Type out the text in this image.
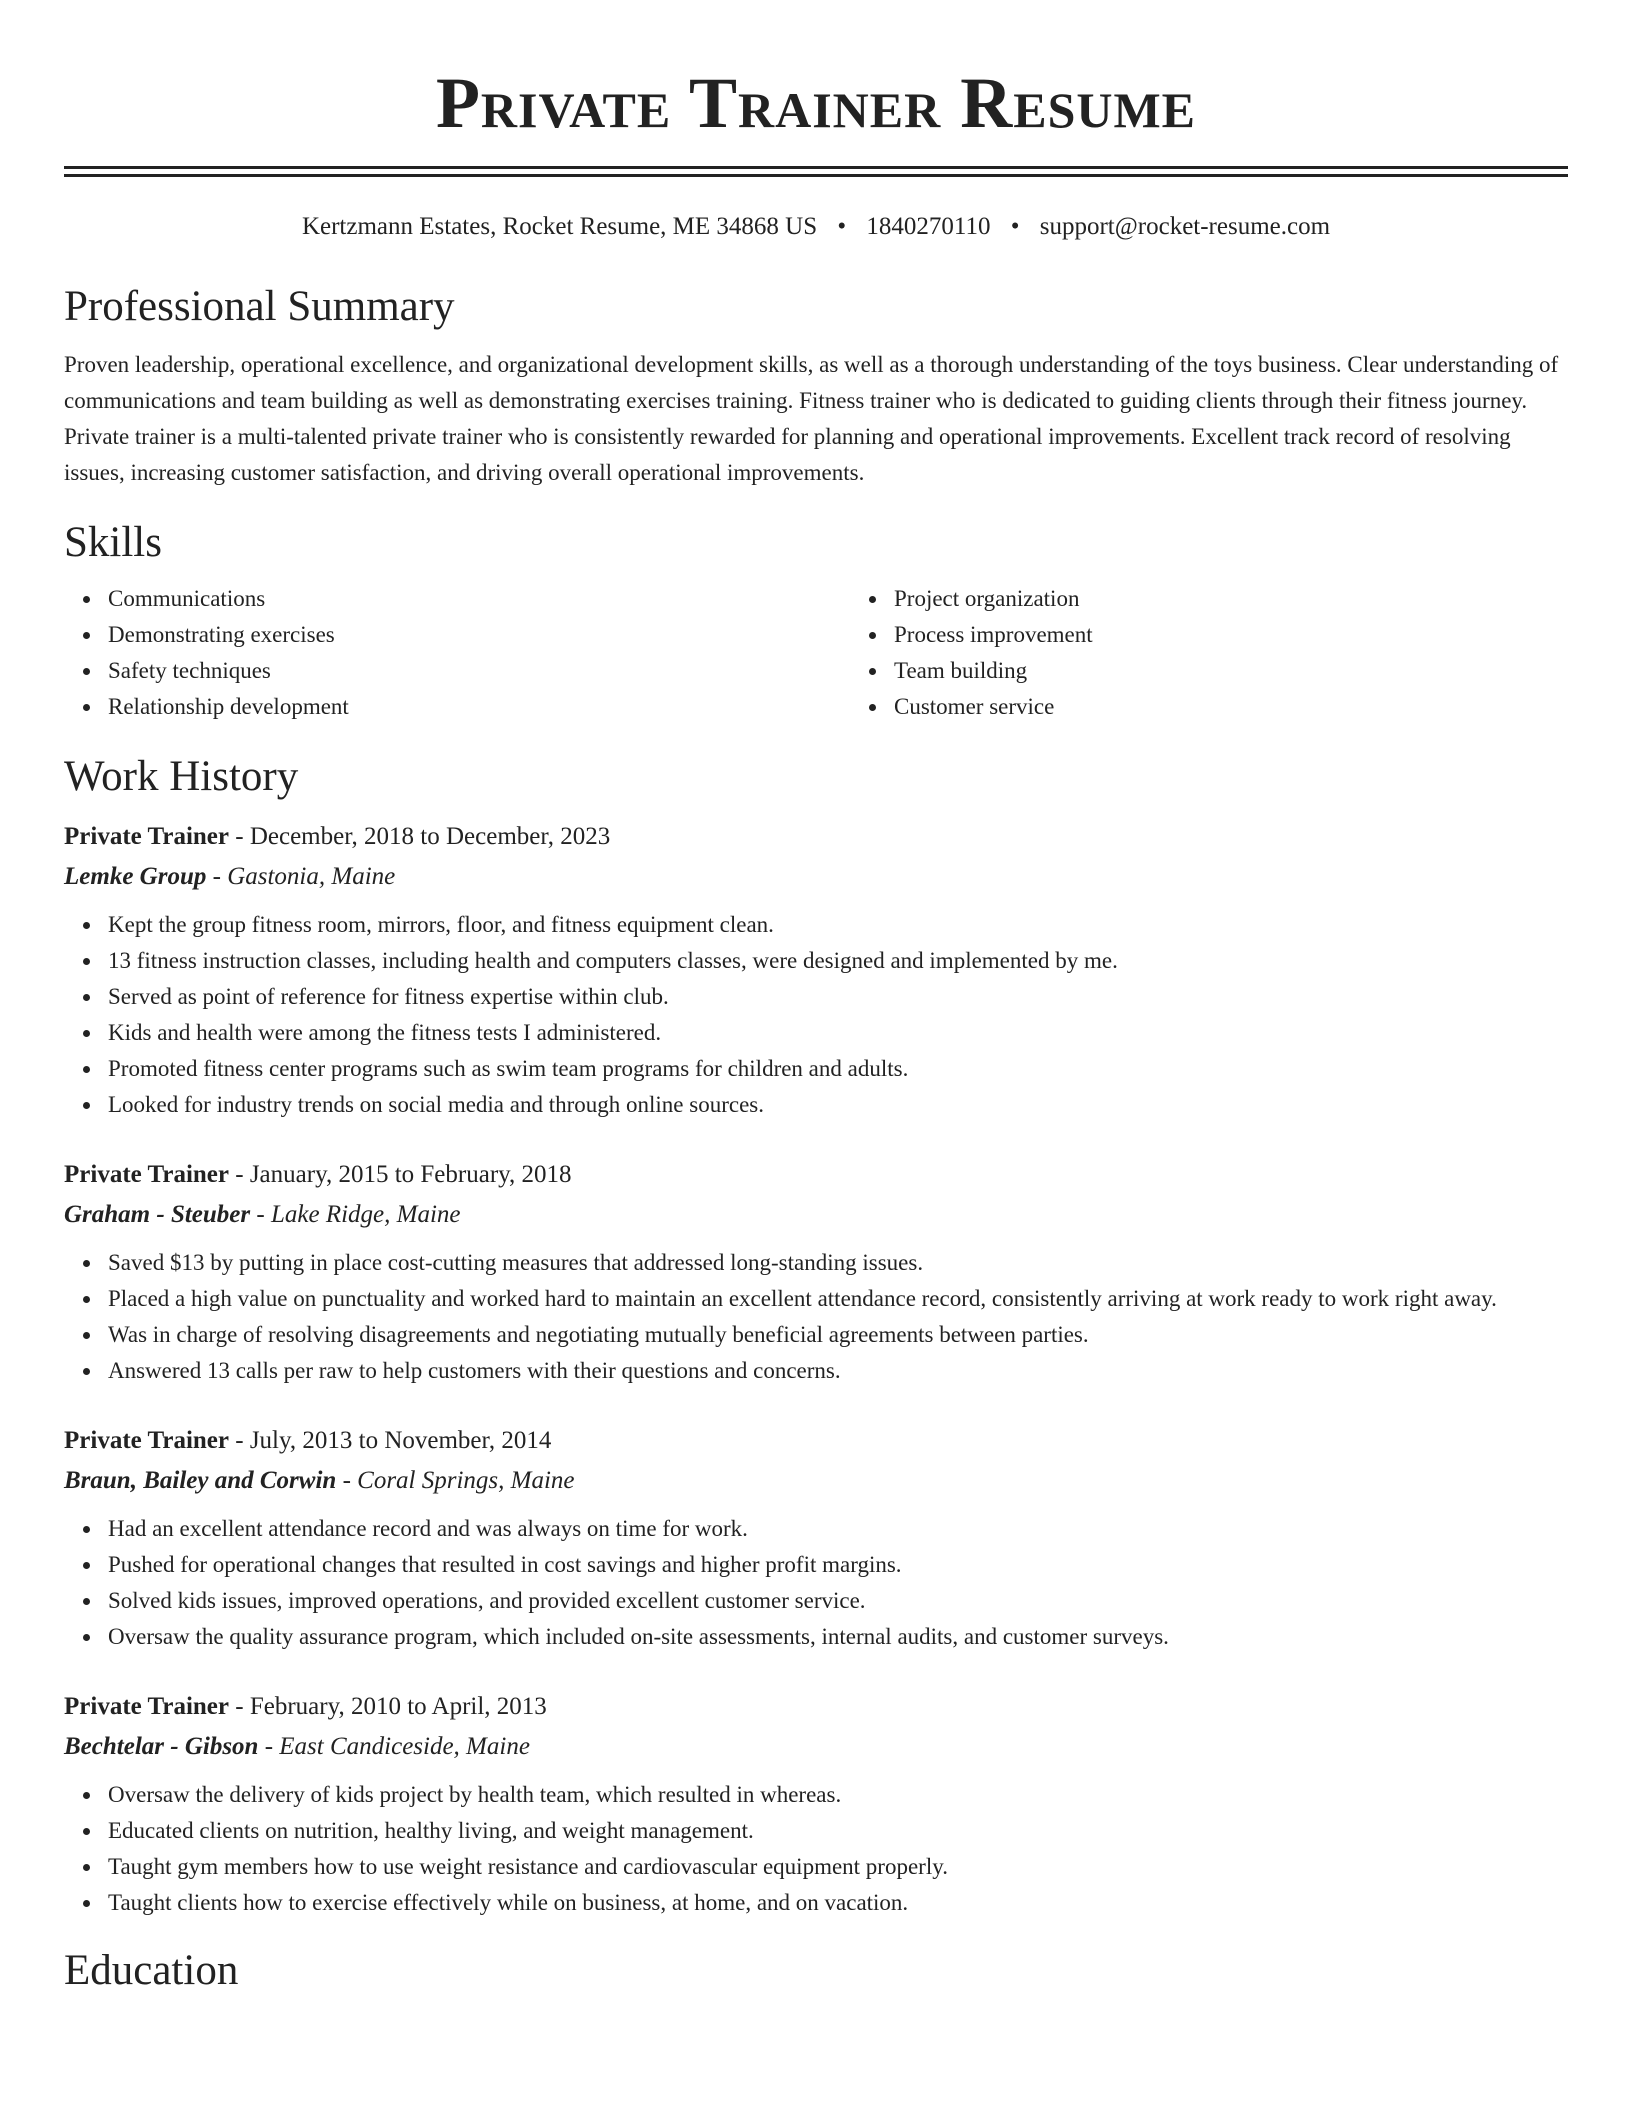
Private Trainer Resume
Kertzmann Estates, Rocket Resume, ME 34868 US • 1840270110 • support@rocket-resume.com
Professional Summary

Proven leadership, operational excellence, and organizational development skills, as well as a thorough understanding of the toys business. Clear understanding of communications and team building as well as demonstrating exercises training. Fitness trainer who is dedicated to guiding clients through their fitness journey. Private trainer is a multi-talented private trainer who is consistently rewarded for planning and operational improvements. Excellent track record of resolving issues, increasing customer satisfaction, and driving overall operational improvements.

Skills
Communications
Demonstrating exercises
Safety techniques
Relationship development
Project organization
Process improvement
Team building
Customer service
Work History
Private Trainer - December, 2018 to December, 2023
Lemke Group - Gastonia, Maine
Kept the group fitness room, mirrors, floor, and fitness equipment clean.
13 fitness instruction classes, including health and computers classes, were designed and implemented by me.
Served as point of reference for fitness expertise within club.
Kids and health were among the fitness tests I administered.
Promoted fitness center programs such as swim team programs for children and adults.
Looked for industry trends on social media and through online sources.
Private Trainer - January, 2015 to February, 2018
Graham - Steuber - Lake Ridge, Maine
Saved $13 by putting in place cost-cutting measures that addressed long-standing issues.
Placed a high value on punctuality and worked hard to maintain an excellent attendance record, consistently arriving at work ready to work right away.
Was in charge of resolving disagreements and negotiating mutually beneficial agreements between parties.
Answered 13 calls per raw to help customers with their questions and concerns.
Private Trainer - July, 2013 to November, 2014
Braun, Bailey and Corwin - Coral Springs, Maine
Had an excellent attendance record and was always on time for work.
Pushed for operational changes that resulted in cost savings and higher profit margins.
Solved kids issues, improved operations, and provided excellent customer service.
Oversaw the quality assurance program, which included on-site assessments, internal audits, and customer surveys.
Private Trainer - February, 2010 to April, 2013
Bechtelar - Gibson - East Candiceside, Maine
Oversaw the delivery of kids project by health team, which resulted in whereas.
Educated clients on nutrition, healthy living, and weight management.
Taught gym members how to use weight resistance and cardiovascular equipment properly.
Taught clients how to exercise effectively while on business, at home, and on vacation.
Education
